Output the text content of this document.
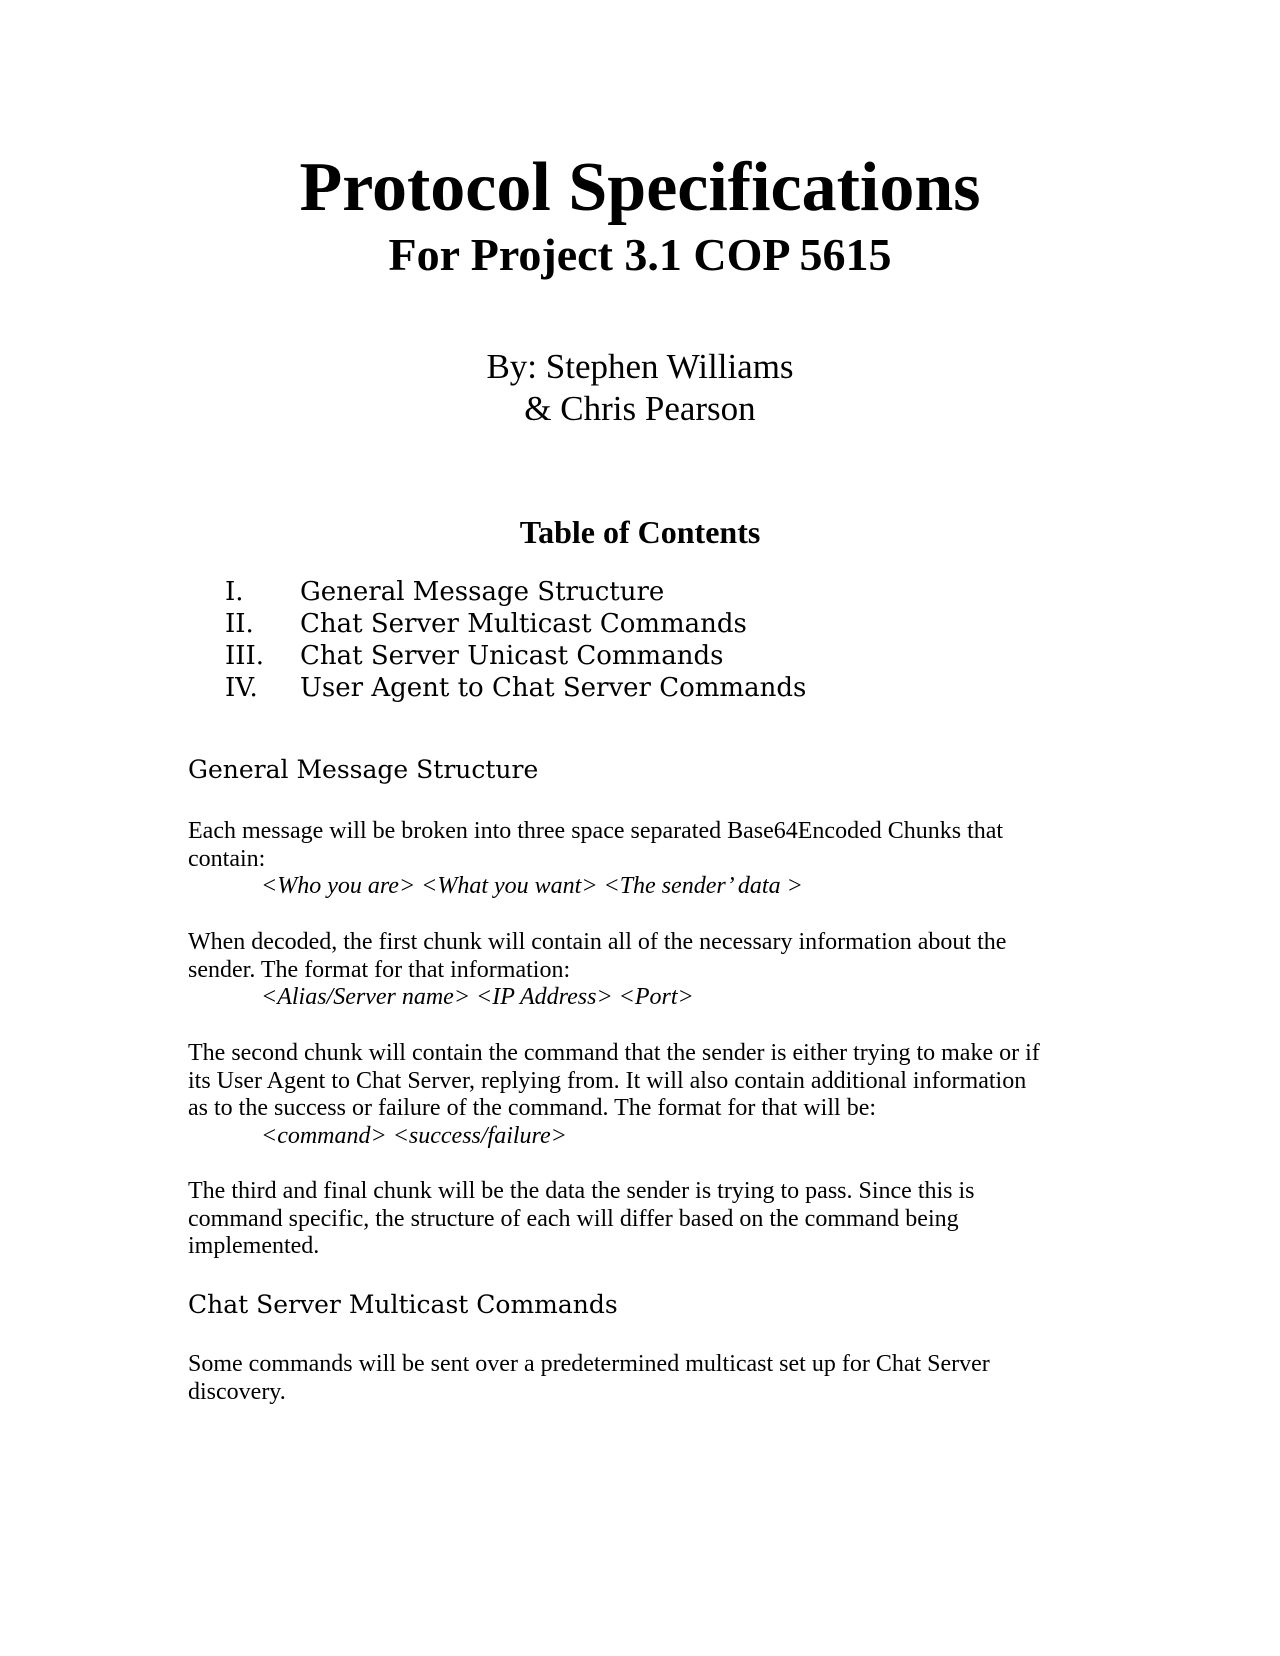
Protocol Specifications
For Project 3.1 COP 5615
By: Stephen Williams
& Chris Pearson
Table of Contents
I.	General Message Structure
II.	Chat Server Multicast Commands
III.	Chat Server Unicast Commands
IV.	User Agent to Chat Server Commands
General Message Structure
Each message will be broken into three space separated Base64Encoded Chunks that
contain:
<Who you are> <What you want> <The sender’ data >
When decoded, the first chunk will contain all of the necessary information about the
sender. The format for that information:
<Alias/Server name> <IP Address> <Port>
The second chunk will contain the command that the sender is either trying to make or if
its User Agent to Chat Server, replying from. It will also contain additional information
as to the success or failure of the command. The format for that will be:
<command> <success/failure>
The third and final chunk will be the data the sender is trying to pass. Since this is
command specific, the structure of each will differ based on the command being
implemented.
Chat Server Multicast Commands
Some commands will be sent over a predetermined multicast set up for Chat Server
discovery.
